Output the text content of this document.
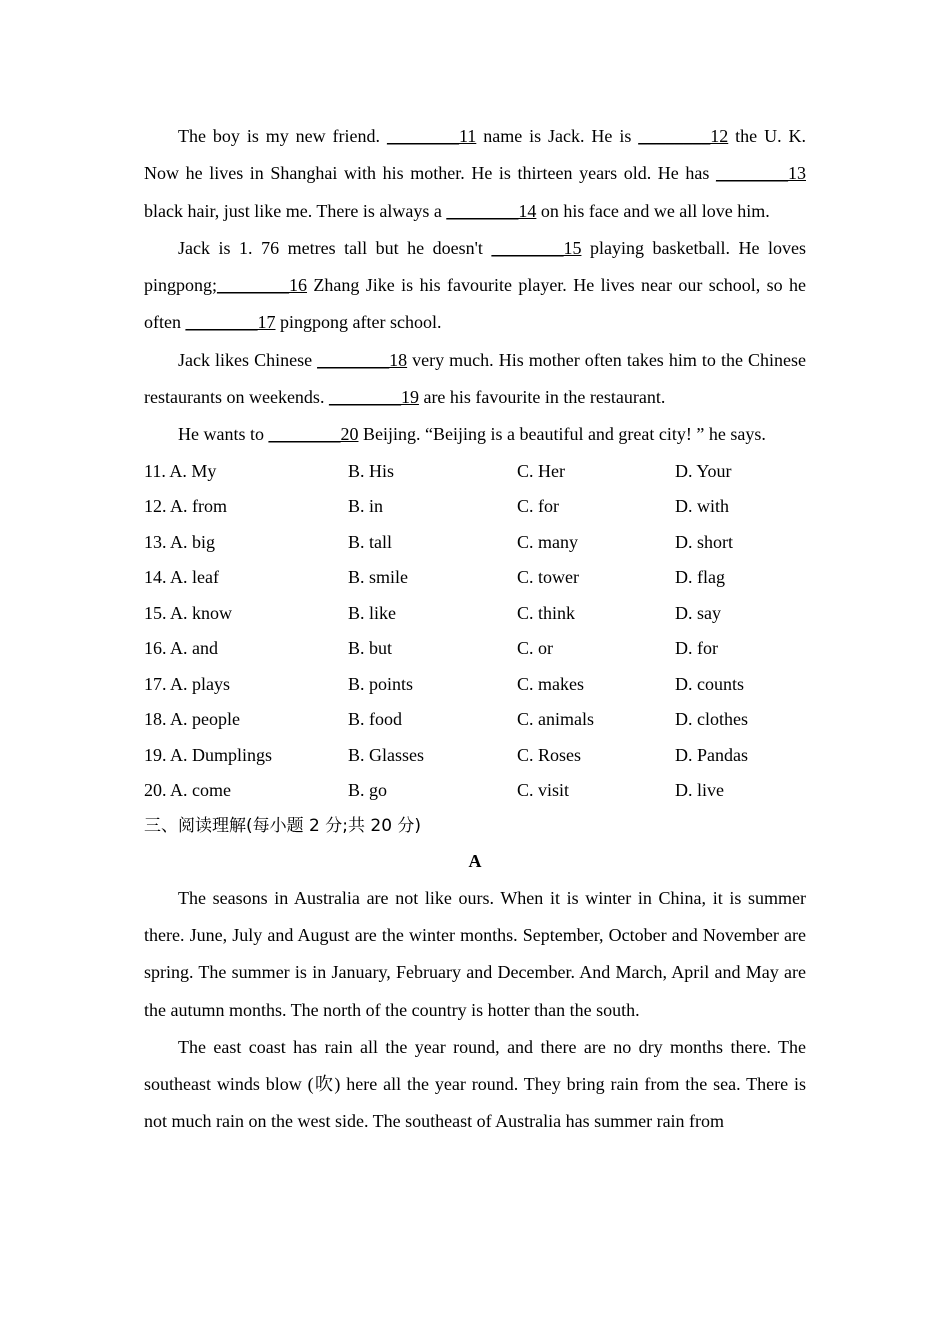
The boy is my new friend. ________11 name is Jack. He is ________12 the U. K. Now he lives in Shanghai with his mother. He is thirteen years old. He has ________13 black hair, just like me. There is always a ________14 on his face and we all love him.

Jack is 1. 76 metres tall but he doesn't ________15 playing basketball. He loves pingpong;________16 Zhang Jike is his favourite player. He lives near our school, so he often ________17 pingpong after school.

Jack likes Chinese ________18 very much. His mother often takes him to the Chinese restaurants on weekends. ________19 are his favourite in the restaurant.

He wants to ________20 Beijing. “Beijing is a beautiful and great city! ” he says.

11. A. My	B. His	C. Her	D. Your
12. A. from	B. in	C. for	D. with
13. A. big	B. tall	C. many	D. short
14. A. leaf	B. smile	C. tower	D. flag
15. A. know	B. like	C. think	D. say
16. A. and	B. but	C. or	D. for
17. A. plays	B. points	C. makes	D. counts
18. A. people	B. food	C. animals	D. clothes
19. A. Dumplings	B. Glasses	C. Roses	D. Pandas
20. A. come	B. go	C. visit	D. live
三、阅读理解(每小题 2 分;共 20 分)
A

The seasons in Australia are not like ours. When it is winter in China, it is summer there. June, July and August are the winter months. September, October and November are spring. The summer is in January, February and December. And March, April and May are the autumn months. The north of the country is hotter than the south.

The east coast has rain all the year round, and there are no dry months there. The southeast winds blow (吹) here all the year round. They bring rain from the sea. There is not much rain on the west side. The southeast of Australia has summer rain from
